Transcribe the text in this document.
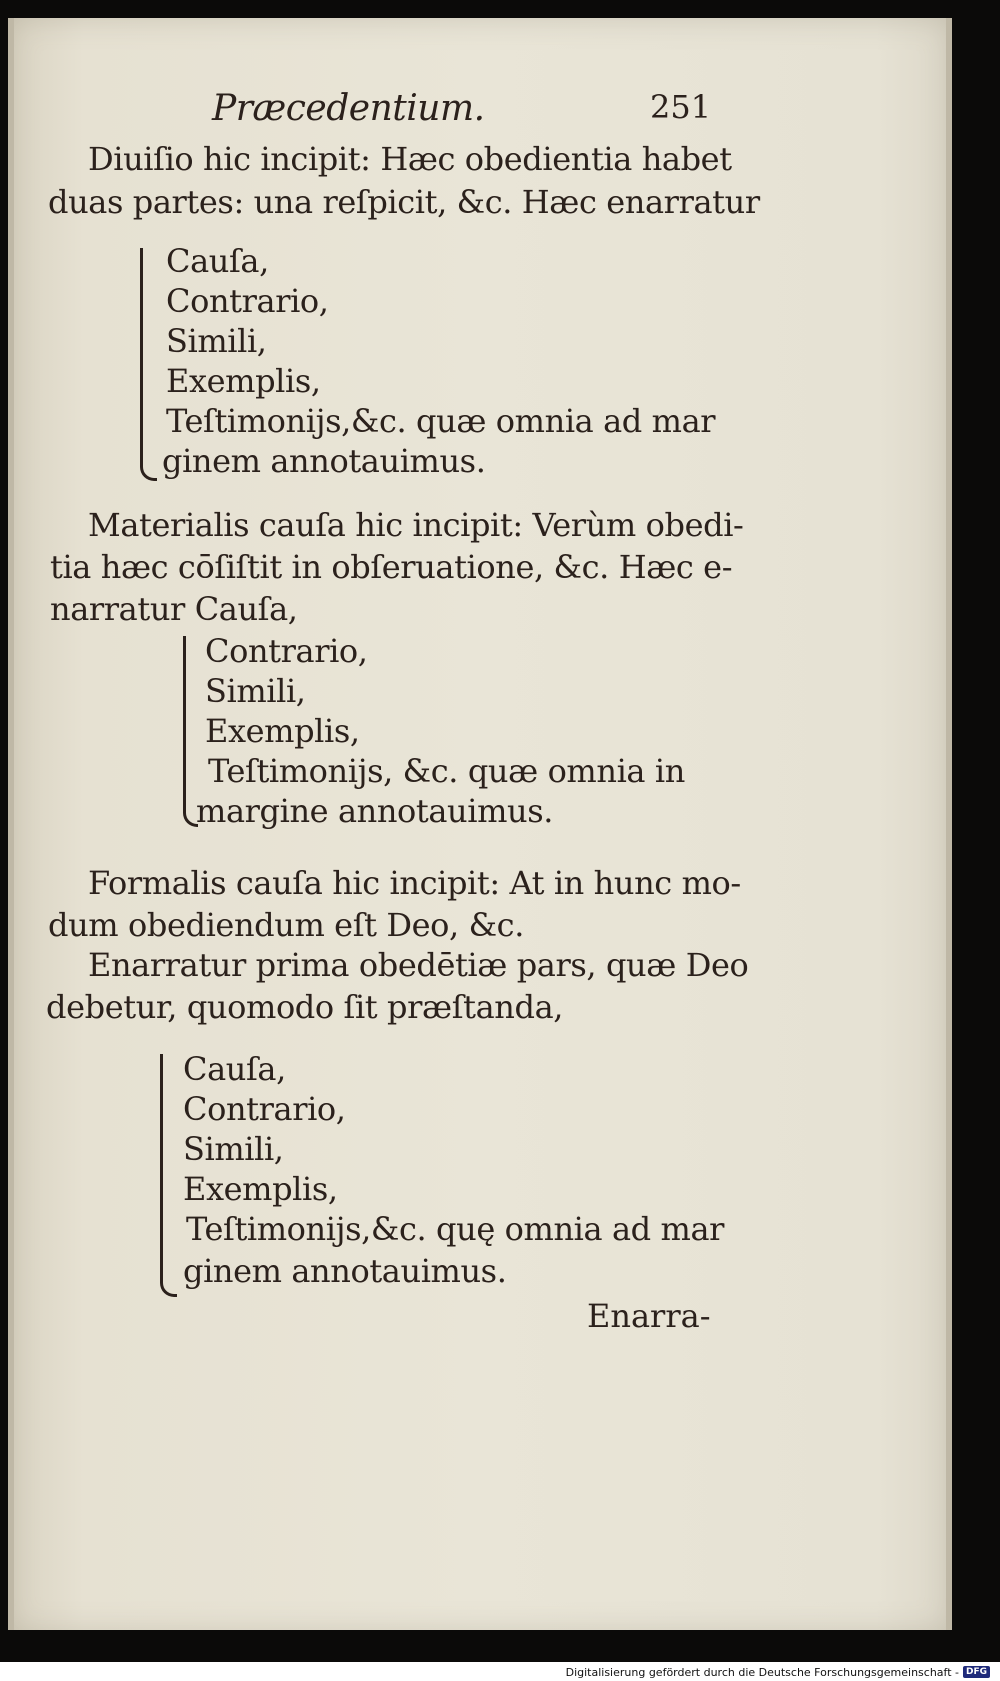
Præcedentium.	251
Diuiſio hic incipit: Hæc obedientia habet
duas partes: una reſpicit, &c. Hæc enarratur
Cauſa,
Contrario,
Simili,
Exemplis,
Teſtimonijs,&c. quæ omnia ad mar
ginem annotauimus.
Materialis cauſa hic incipit: Verùm obedi-
tia hæc cōſiſtit in obſeruatione, &c. Hæc e-
narratur Cauſa,
Contrario,
Simili,
Exemplis,
Teſtimonijs, &c. quæ omnia in
margine annotauimus.
Formalis cauſa hic incipit: At in hunc mo-
dum obediendum eſt Deo, &c.
Enarratur prima obedētiæ pars, quæ Deo
debetur, quomodo ſit præſtanda,
Cauſa,
Contrario,
Simili,
Exemplis,
Teſtimonijs,&c. quę omnia ad mar
ginem annotauimus.
Enarra-
Digitalisierung gefördert durch die Deutsche Forschungsgemeinschaft - DFG
